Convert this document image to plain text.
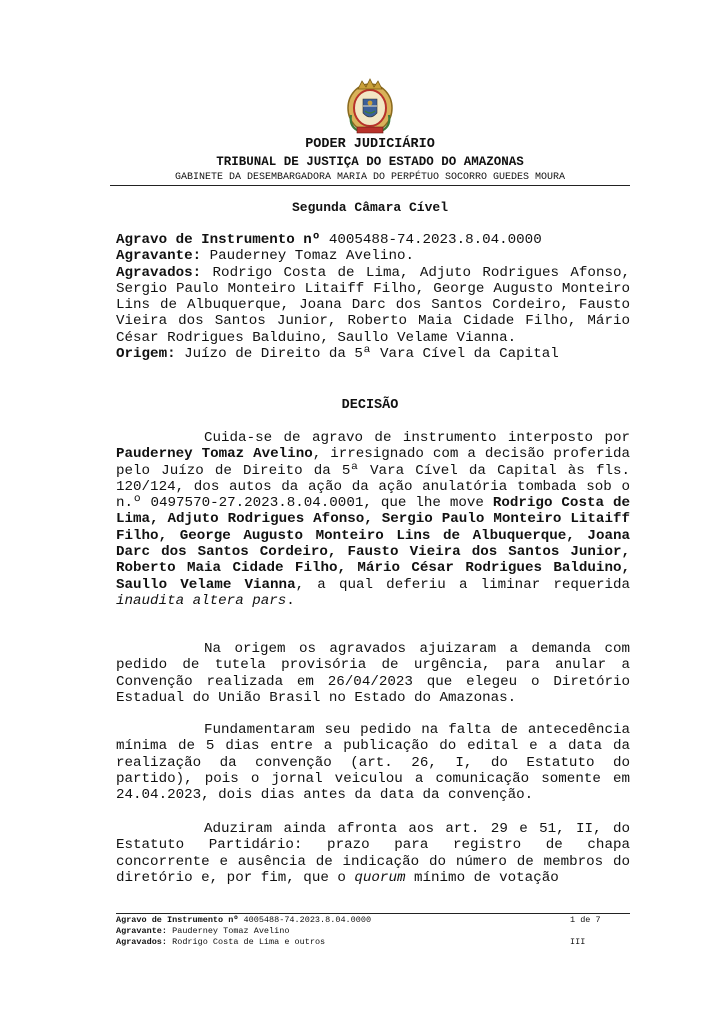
PODER JUDICIÁRIO
TRIBUNAL DE JUSTIÇA DO ESTADO DO AMAZONAS
GABINETE DA DESEMBARGADORA MARIA DO PERPÉTUO SOCORRO GUEDES MOURA
Segunda Câmara Cível

Agravo de Instrumento nº 4005488-74.2023.8.04.0000

Agravante: Pauderney Tomaz Avelino.

Agravados: Rodrigo Costa de Lima, Adjuto Rodrigues Afonso, Sergio Paulo Monteiro Litaiff Filho, George Augusto Monteiro Lins de Albuquerque, Joana Darc dos Santos Cordeiro, Fausto Vieira dos Santos Junior, Roberto Maia Cidade Filho, Mário César Rodrigues Balduino, Saullo Velame Vianna.

Origem: Juízo de Direito da 5ª Vara Cível da Capital

DECISÃO

Cuida-se de agravo de instrumento interposto por Pauderney Tomaz Avelino, irresignado com a decisão proferida pelo Juízo de Direito da 5ª Vara Cível da Capital às fls. 120/124, dos autos da ação da ação anulatória tombada sob o n.º 0497570-27.2023.8.04.0001, que lhe move Rodrigo Costa de Lima, Adjuto Rodrigues Afonso, Sergio Paulo Monteiro Litaiff Filho, George Augusto Monteiro Lins de Albuquerque, Joana Darc dos Santos Cordeiro, Fausto Vieira dos Santos Junior, Roberto Maia Cidade Filho, Mário César Rodrigues Balduino, Saullo Velame Vianna, a qual deferiu a liminar requerida inaudita altera pars.

Na origem os agravados ajuizaram a demanda com pedido de tutela provisória de urgência, para anular a Convenção realizada em 26/04/2023 que elegeu o Diretório Estadual do União Brasil no Estado do Amazonas.

Fundamentaram seu pedido na falta de antecedência mínima de 5 dias entre a publicação do edital e a data da realização da convenção (art. 26, I, do Estatuto do partido), pois o jornal veiculou a comunicação somente em 24.04.2023, dois dias antes da data da convenção.

Aduziram ainda afronta aos art. 29 e 51, II, do Estatuto Partidário: prazo para registro de chapa concorrente e ausência de indicação do número de membros do diretório e, por fim, que o quorum mínimo de votação

Agravo de Instrumento nº 4005488-74.2023.8.04.0000	1 de 7
Agravante: Pauderney Tomaz Avelino
Agravados: Rodrigo Costa de Lima e outros	III
